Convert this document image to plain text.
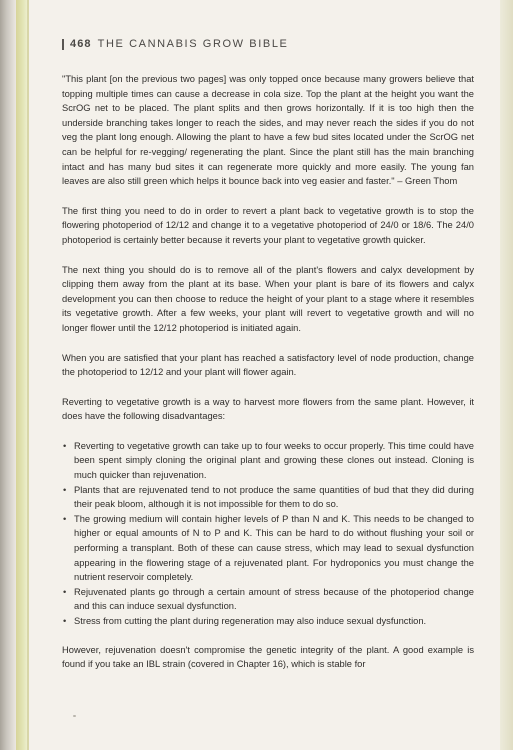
468 THE CANNABIS GROW BIBLE

"This plant [on the previous two pages] was only topped once because many growers believe that topping multiple times can cause a decrease in cola size. Top the plant at the height you want the ScrOG net to be placed. The plant splits and then grows horizontally. If it is too high then the underside branching takes longer to reach the sides, and may never reach the sides if you do not veg the plant long enough. Allowing the plant to have a few bud sites located under the ScrOG net can be helpful for re-vegging/ regenerating the plant. Since the plant still has the main branching intact and has many bud sites it can regenerate more quickly and more easily. The young fan leaves are also still green which helps it bounce back into veg easier and faster." – Green Thom

The first thing you need to do in order to revert a plant back to vegetative growth is to stop the flowering photoperiod of 12/12 and change it to a vegetative photoperiod of 24/0 or 18/6. The 24/0 photoperiod is certainly better because it reverts your plant to vegetative growth quicker.

The next thing you should do is to remove all of the plant's flowers and calyx development by clipping them away from the plant at its base. When your plant is bare of its flowers and calyx development you can then choose to reduce the height of your plant to a stage where it resembles its vegetative growth. After a few weeks, your plant will revert to vegetative growth and will no longer flower until the 12/12 photoperiod is initiated again.

When you are satisfied that your plant has reached a satisfactory level of node production, change the photoperiod to 12/12 and your plant will flower again.

Reverting to vegetative growth is a way to harvest more flowers from the same plant. However, it does have the following disadvantages:

• Reverting to vegetative growth can take up to four weeks to occur properly. This time could have been spent simply cloning the original plant and growing these clones out instead. Cloning is much quicker than rejuvenation.
• Plants that are rejuvenated tend to not produce the same quantities of bud that they did during their peak bloom, although it is not impossible for them to do so.
• The growing medium will contain higher levels of P than N and K. This needs to be changed to higher or equal amounts of N to P and K. This can be hard to do without flushing your soil or performing a transplant. Both of these can cause stress, which may lead to sexual dysfunction appearing in the flowering stage of a rejuvenated plant. For hydroponics you must change the nutrient reservoir completely.
• Rejuvenated plants go through a certain amount of stress because of the photoperiod change and this can induce sexual dysfunction.
• Stress from cutting the plant during regeneration may also induce sexual dysfunction.

However, rejuvenation doesn't compromise the genetic integrity of the plant. A good example is found if you take an IBL strain (covered in Chapter 16), which is stable for
